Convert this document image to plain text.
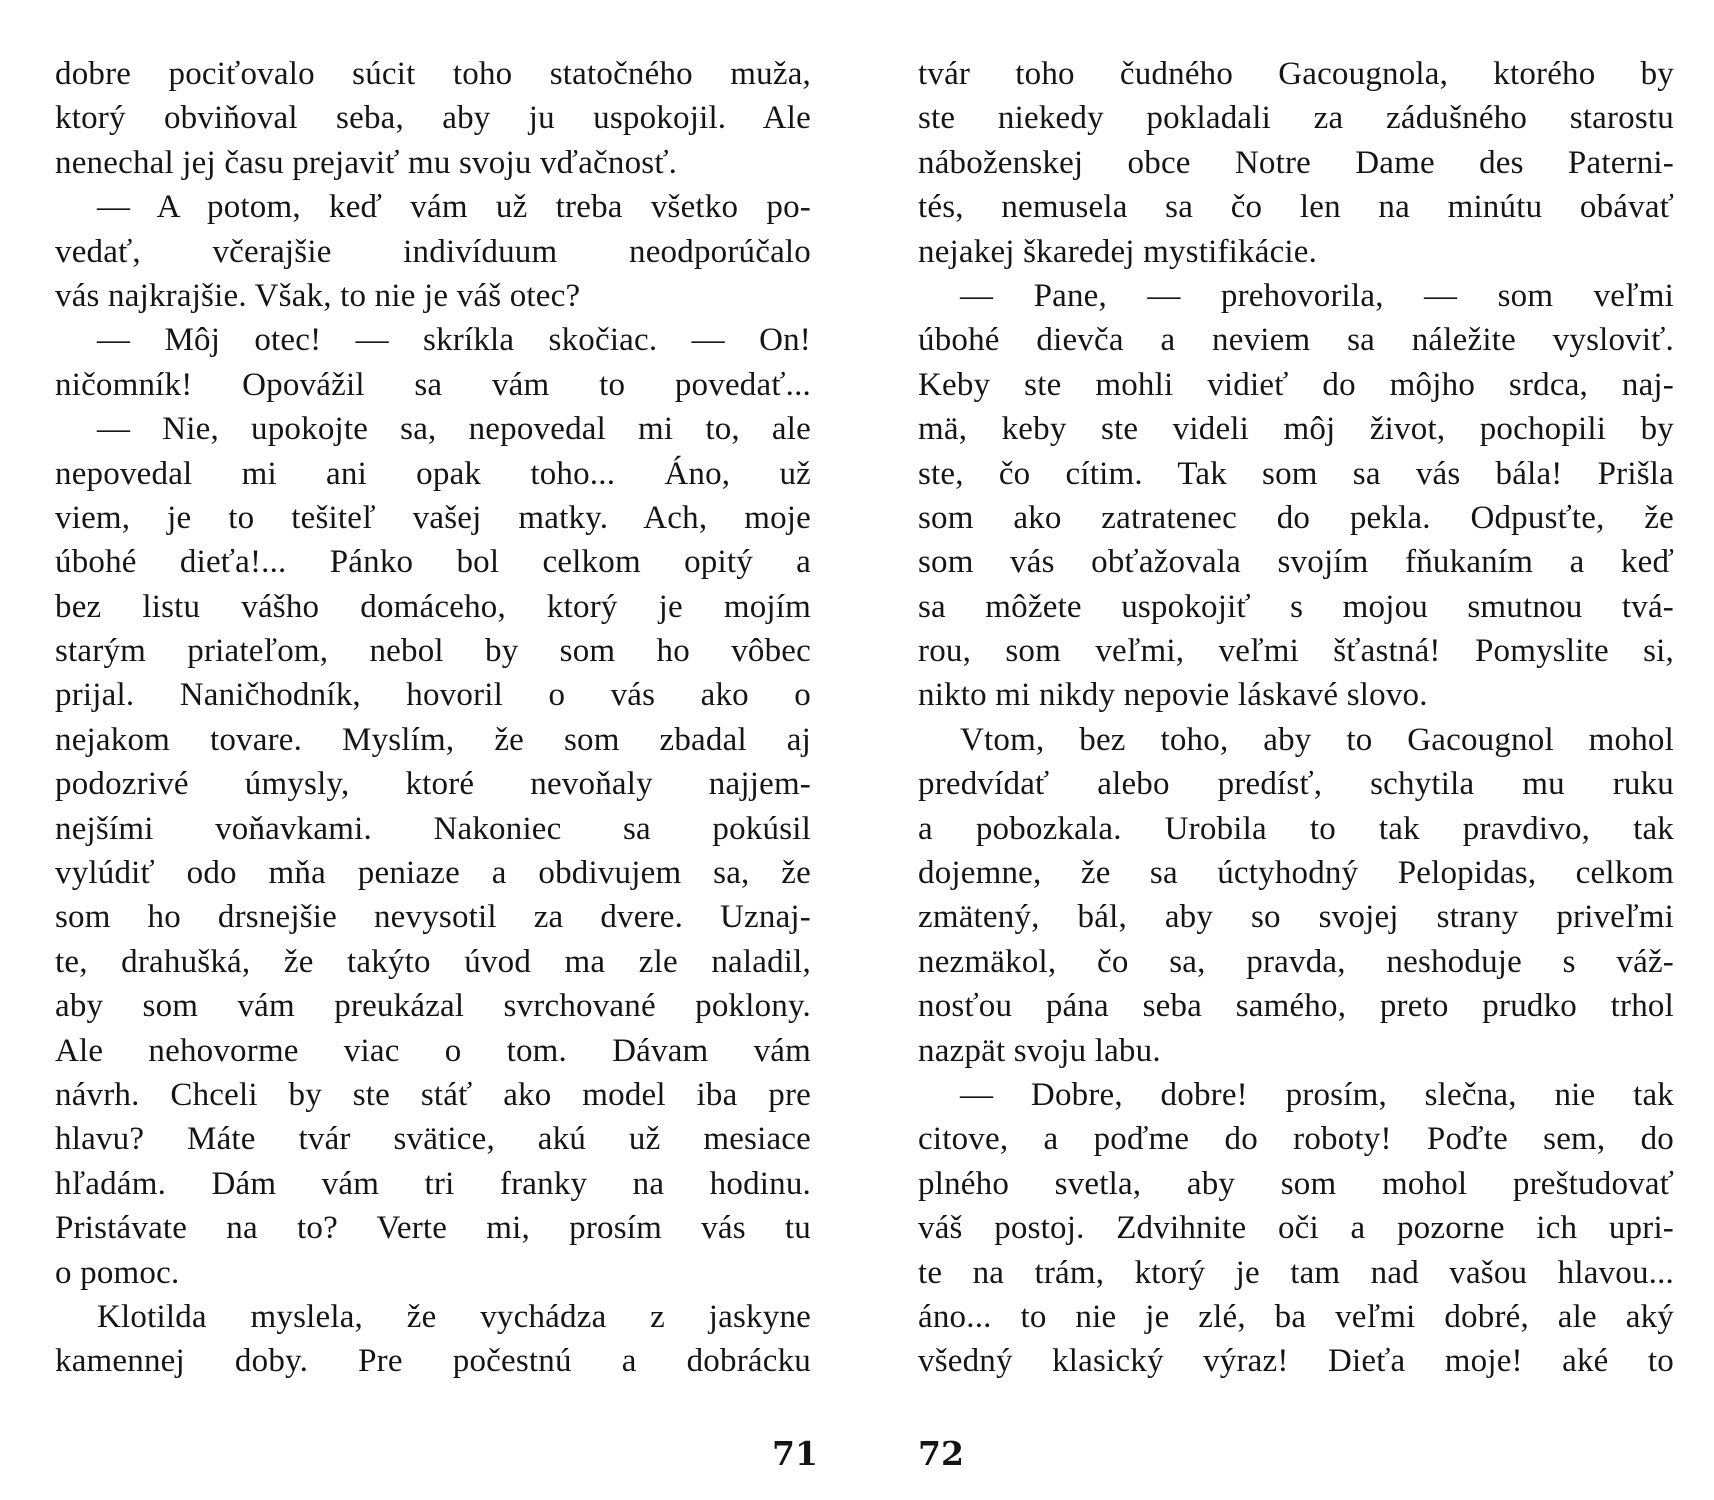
dobre pociťovalo súcit toho statočného muža,
ktorý obviňoval seba, aby ju uspokojil. Ale
nenechal jej času prejaviť mu svoju vďačnosť.
— A potom, keď vám už treba všetko po-
vedať, včerajšie indivíduum neodporúčalo
vás najkrajšie. Však, to nie je váš otec?
— Môj otec! — skríkla skočiac. — On!
ničomník! Opovážil sa vám to povedať...
— Nie, upokojte sa, nepovedal mi to, ale
nepovedal mi ani opak toho... Áno, už
viem, je to tešiteľ vašej matky. Ach, moje
úbohé dieťa!... Pánko bol celkom opitý a
bez listu vášho domáceho, ktorý je mojím
starým priateľom, nebol by som ho vôbec
prijal. Naničhodník, hovoril o vás ako o
nejakom tovare. Myslím, že som zbadal aj
podozrivé úmysly, ktoré nevoňaly najjem-
nejšími voňavkami. Nakoniec sa pokúsil
vylúdiť odo mňa peniaze a obdivujem sa, že
som ho drsnejšie nevysotil za dvere. Uznaj-
te, drahušká, že takýto úvod ma zle naladil,
aby som vám preukázal svrchované poklony.
Ale nehovorme viac o tom. Dávam vám
návrh. Chceli by ste stáť ako model iba pre
hlavu? Máte tvár svätice, akú už mesiace
hľadám. Dám vám tri franky na hodinu.
Pristávate na to? Verte mi, prosím vás tu
o pomoc.
Klotilda myslela, že vychádza z jaskyne
kamennej doby. Pre počestnú a dobrácku
tvár toho čudného Gacougnola, ktorého by
ste niekedy pokladali za zádušného starostu
náboženskej obce Notre Dame des Paterni-
tés, nemusela sa čo len na minútu obávať
nejakej škaredej mystifikácie.
— Pane, — prehovorila, — som veľmi
úbohé dievča a neviem sa náležite vysloviť.
Keby ste mohli vidieť do môjho srdca, naj-
mä, keby ste videli môj život, pochopili by
ste, čo cítim. Tak som sa vás bála! Prišla
som ako zatratenec do pekla. Odpusťte, že
som vás obťažovala svojím fňukaním a keď
sa môžete uspokojiť s mojou smutnou tvá-
rou, som veľmi, veľmi šťastná! Pomyslite si,
nikto mi nikdy nepovie láskavé slovo.
Vtom, bez toho, aby to Gacougnol mohol
predvídať alebo predísť, schytila mu ruku
a pobozkala. Urobila to tak pravdivo, tak
dojemne, že sa úctyhodný Pelopidas, celkom
zmätený, bál, aby so svojej strany priveľmi
nezmäkol, čo sa, pravda, neshoduje s váž-
nosťou pána seba samého, preto prudko trhol
nazpät svoju labu.
— Dobre, dobre! prosím, slečna, nie tak
citove, a poďme do roboty! Poďte sem, do
plného svetla, aby som mohol preštudovať
váš postoj. Zdvihnite oči a pozorne ich upri-
te na trám, ktorý je tam nad vašou hlavou...
áno... to nie je zlé, ba veľmi dobré, ale aký
všedný klasický výraz! Dieťa moje! aké to
71	72
